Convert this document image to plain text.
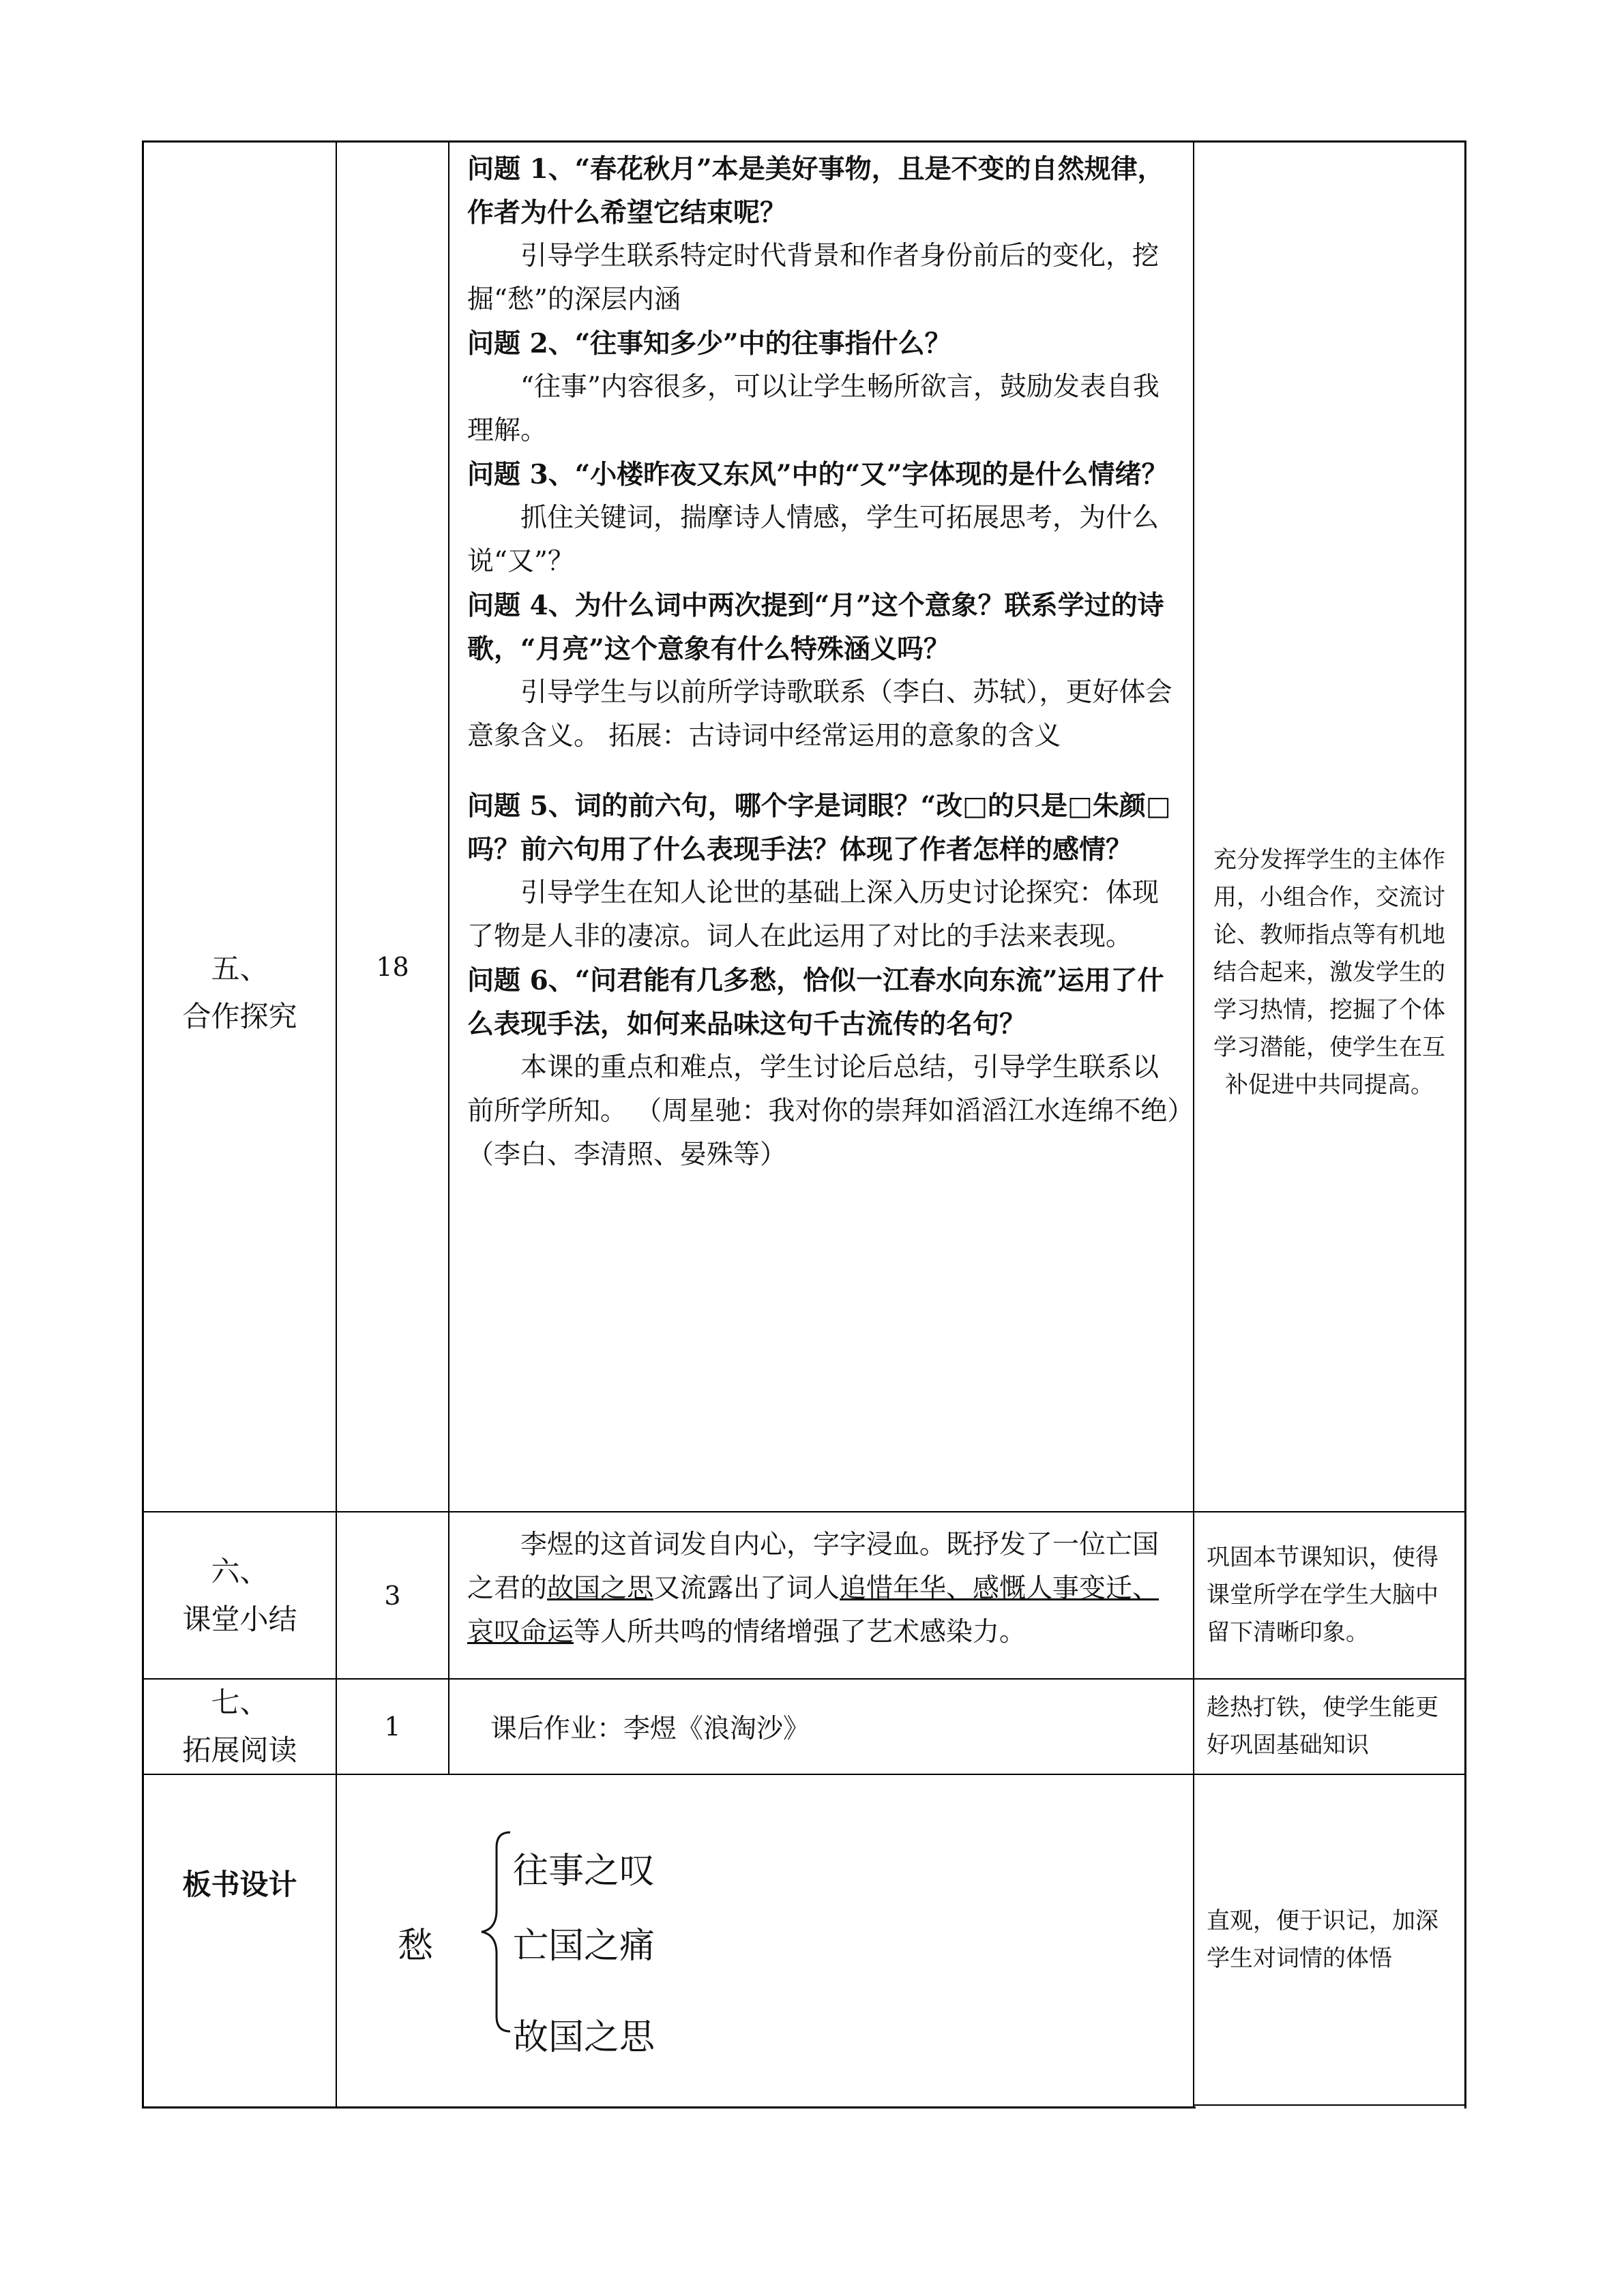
五、
合作探究
18

问题 1、“春花秋月”本是美好事物，且是不变的自然规律，作者为什么希望它结束呢？

引导学生联系特定时代背景和作者身份前后的变化，挖掘“愁”的深层内涵

问题 2、“往事知多少”中的往事指什么？

“往事”内容很多，可以让学生畅所欲言，鼓励发表自我理解。

问题 3、“小楼昨夜又东风”中的“又”字体现的是什么情绪？

抓住关键词，揣摩诗人情感，学生可拓展思考，为什么说“又”？

问题 4、为什么词中两次提到“月”这个意象？联系学过的诗歌，“月亮”这个意象有什么特殊涵义吗？

引导学生与以前所学诗歌联系（李白、苏轼），更好体会意象含义。 拓展：古诗词中经常运用的意象的含义

问题 5、词的前六句，哪个字是词眼？“改□的只是□朱颜□吗？前六句用了什么表现手法？体现了作者怎样的感情？

引导学生在知人论世的基础上深入历史讨论探究：体现了物是人非的凄凉。词人在此运用了对比的手法来表现。

问题 6、“问君能有几多愁，恰似一江春水向东流”运用了什么表现手法，如何来品味这句千古流传的名句？

本课的重点和难点，学生讨论后总结，引导学生联系以前所学所知。 （周星驰：我对你的崇拜如滔滔江水连绵不绝）（李白、李清照、晏殊等）

充分发挥学生的主体作用，小组合作，交流讨论、教师指点等有机地结合起来，激发学生的学习热情，挖掘了个体学习潜能，使学生在互补促进中共同提高。
六、
课堂小结
3

李煜的这首词发自内心，字字浸血。既抒发了一位亡国之君的故国之思又流露出了词人追惜年华、感慨人事变迁、哀叹命运等人所共鸣的情绪增强了艺术感染力。

巩固本节课知识，使得课堂所学在学生大脑中留下清晰印象。
七、
拓展阅读
1	课后作业：李煜《浪淘沙》

趁热打铁，使学生能更好巩固基础知识
板书设计
愁
往事之叹
亡国之痛
故国之思
直观，便于识记，加深学生对词情的体悟
